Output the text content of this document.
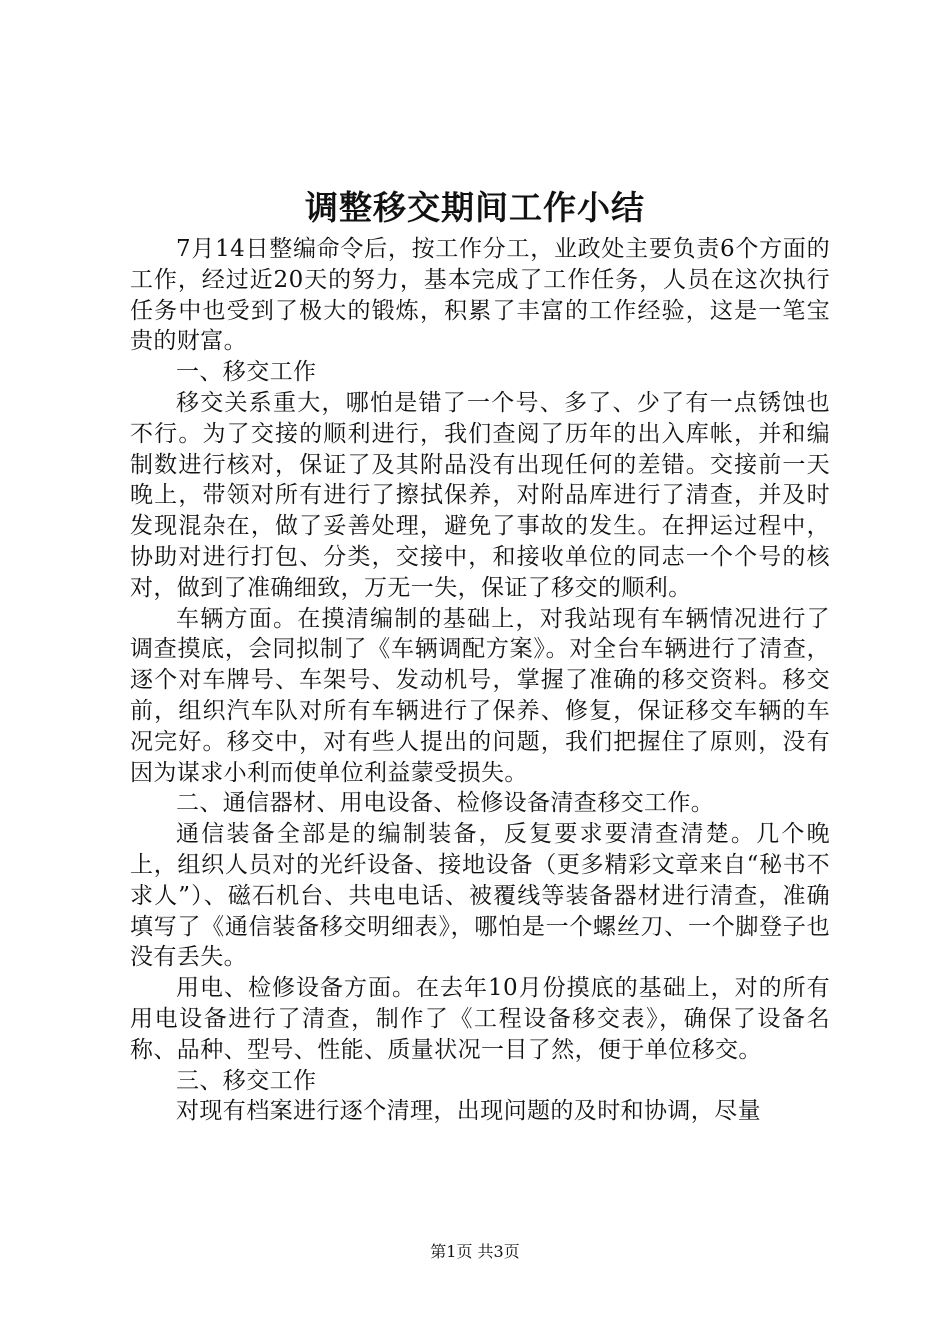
调整移交期间工作小结

7月14日整编命令后，按工作分工，业政处主要负责6个方面的工作，经过近20天的努力，基本完成了工作任务，人员在这次执行任务中也受到了极大的锻炼，积累了丰富的工作经验，这是一笔宝贵的财富。

一、移交工作

移交关系重大，哪怕是错了一个号、多了、少了有一点锈蚀也不行。为了交接的顺利进行，我们查阅了历年的出入库帐，并和编制数进行核对，保证了及其附品没有出现任何的差错。交接前一天晚上，带领对所有进行了擦拭保养，对附品库进行了清查，并及时发现混杂在，做了妥善处理，避免了事故的发生。在押运过程中，协助对进行打包、分类，交接中，和接收单位的同志一个个号的核对，做到了准确细致，万无一失，保证了移交的顺利。

车辆方面。在摸清编制的基础上，对我站现有车辆情况进行了调查摸底，会同拟制了《车辆调配方案》。对全台车辆进行了清查，逐个对车牌号、车架号、发动机号，掌握了准确的移交资料。移交前，组织汽车队对所有车辆进行了保养、修复，保证移交车辆的车况完好。移交中，对有些人提出的问题，我们把握住了原则，没有因为谋求小利而使单位利益蒙受损失。

二、通信器材、用电设备、检修设备清查移交工作。

通信装备全部是的编制装备，反复要求要清查清楚。几个晚上，组织人员对的光纤设备、接地设备（更多精彩文章来自“秘书不求人”）、磁石机台、共电电话、被覆线等装备器材进行清查，准确填写了《通信装备移交明细表》，哪怕是一个螺丝刀、一个脚登子也没有丢失。

用电、检修设备方面。在去年10月份摸底的基础上，对的所有用电设备进行了清查，制作了《工程设备移交表》，确保了设备名称、品种、型号、性能、质量状况一目了然，便于单位移交。

三、移交工作

对现有档案进行逐个清理，出现问题的及时和协调，尽量

第1页 共3页
